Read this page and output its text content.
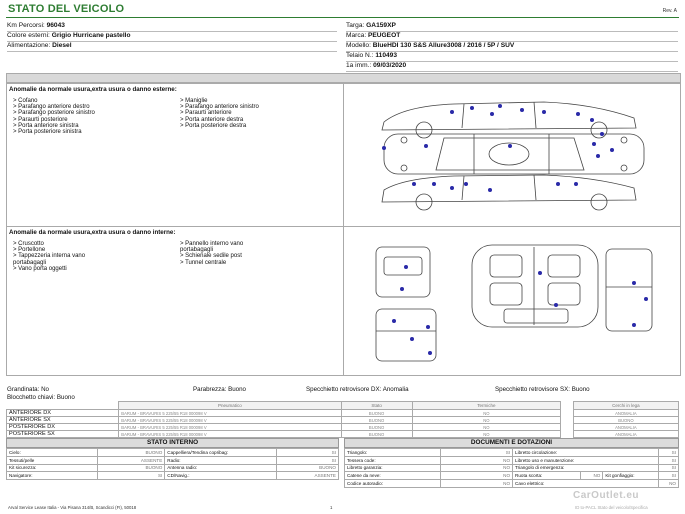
STATO DEL VEICOLO	Rev. A
Km Percorsi: 96043
Colore esterni: Grigio Hurricane pastello
Alimentazione: Diesel
Targa: GA159XP
Marca: PEUGEOT
Modello: BlueHDI 130 S&S Allure3008 / 2016 / 5P / SUV
Telaio N.: 110493
1a imm.: 09/03/2020
Anomalie da normale usura,extra usura o danno esterne:
> Cofano
> Parafango anteriore destro
> Parafango posteriore sinistro
> Paraurti posteriore
> Porta anteriore sinistra
> Porta posteriore sinistra
> Maniglie
> Parafango anteriore sinistro
> Paraurti anteriore
> Porta anteriore destra
> Porta posteriore destra
Anomalie da normale usura,extra usura o danno interne:
> Cruscotto
> Portellone
> Tappezzeria interna vano
portabagagli
> Vano porta oggetti
> Pannello interno vano
portabagagli
> Schienale sedile post
> Tunnel centrale
Grandinata: No	Parabrezza: Buono	Specchietto retrovisore DX: Anomalia	Specchietto retrovisore SX: Buono
Blocchetto chiavi: Buono
	Pneumatico	Stato	Termiche		Cerchi in lega
ANTERIORE DX	BARUM - BRAVURIS 5 225/55 R18 000098 V	BUONO	NO		ANOMALIA
ANTERIORE SX	BARUM - BRAVURIS 5 225/55 R18 000098 V	BUONO	NO		BUONO
POSTERIORE DX	BARUM - BRAVURIS 5 225/55 R18 000098 V	BUONO	NO		ANOMALIA
POSTERIORE SX	BARUM - BRAVURIS 5 225/55 R18 000098 V	BUONO	NO		ANOMALIA
STATO INTERNO
Cielo:	BUONO	Cappelliera/Tendina copribag:	SI
Tessuti/pelle	ASSENTE	Radio:	SI
Kit sicurezza:	BUONO	Antenna radio:	BUONO
Navigatore:	SI	CD/Navig.:	ASSENTE
DOCUMENTI E DOTAZIONI
Triangolo:	SI	Libretto circolazione:			SI
Tessera code:	NO	Libretto uso e manutenzione:			SI
Libretto garanzia:	NO	Triangolo di emergenza:			SI
Catene da neve:	NO	Ruota scorta:	NO	Kit gonfiaggio:	SI
Codice autoradio:	NO	Cavo elettrico:			NO
Arval Service Lease Italia - Via Pisana 314/B, Scandicci (FI), 50018	1	ID to-PACL Stato del veicolo/Specifica
CarOutlet.eu
